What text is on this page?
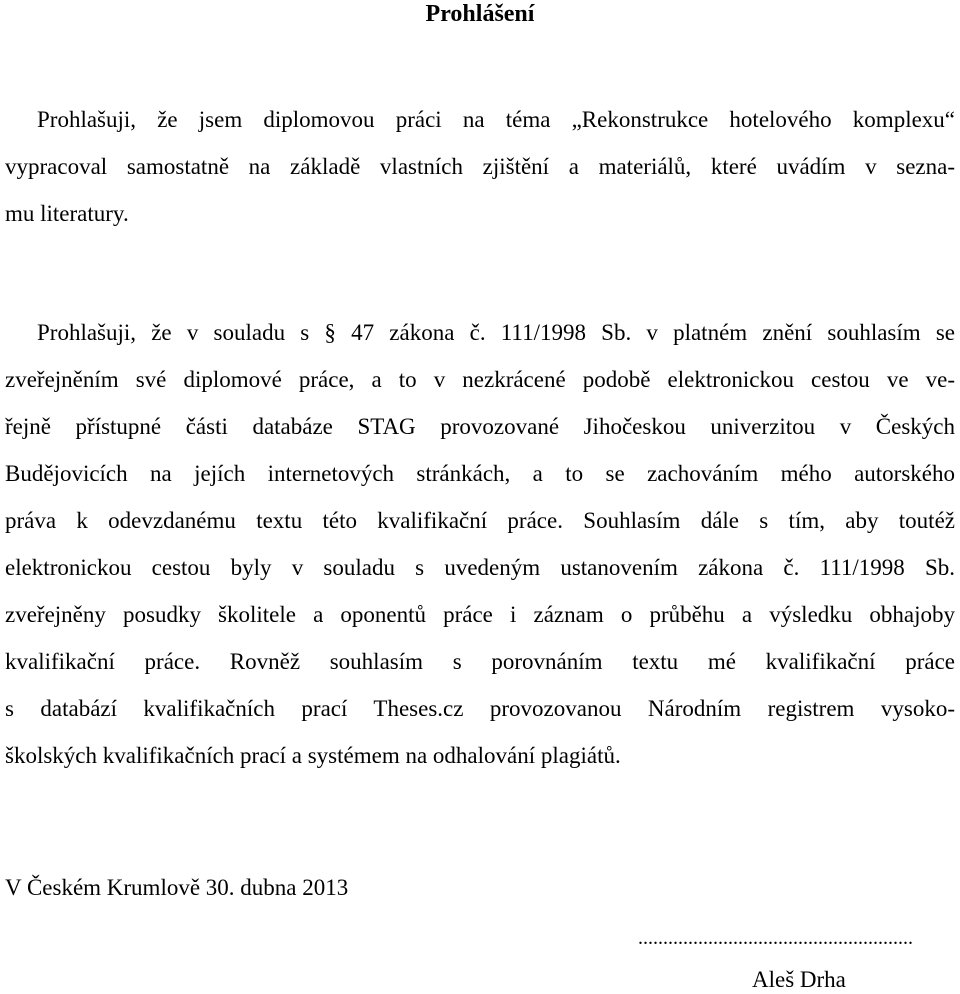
Prohlášení
Prohlašuji, že jsem diplomovou práci na téma „Rekonstrukce hotelového komplexu“
vypracoval samostatně na základě vlastních zjištění a materiálů, které uvádím v sezna-
mu literatury.
Prohlašuji, že v souladu s § 47 zákona č. 111/1998 Sb. v platném znění souhlasím se
zveřejněním své diplomové práce, a to v nezkrácené podobě elektronickou cestou ve ve-
řejně přístupné části databáze STAG provozované Jihočeskou univerzitou v Českých
Budějovicích na jejích internetových stránkách, a to se zachováním mého autorského
práva k odevzdanému textu této kvalifikační práce. Souhlasím dále s tím, aby toutéž
elektronickou cestou byly v souladu s uvedeným ustanovením zákona č. 111/1998 Sb.
zveřejněny posudky školitele a oponentů práce i záznam o průběhu a výsledku obhajoby
kvalifikační práce. Rovněž souhlasím s porovnáním textu mé kvalifikační práce
s databází kvalifikačních prací Theses.cz provozovanou Národním registrem vysoko-
školských kvalifikačních prací a systémem na odhalování plagiátů.
V Českém Krumlově 30. dubna 2013
.......................................................
Aleš Drha
